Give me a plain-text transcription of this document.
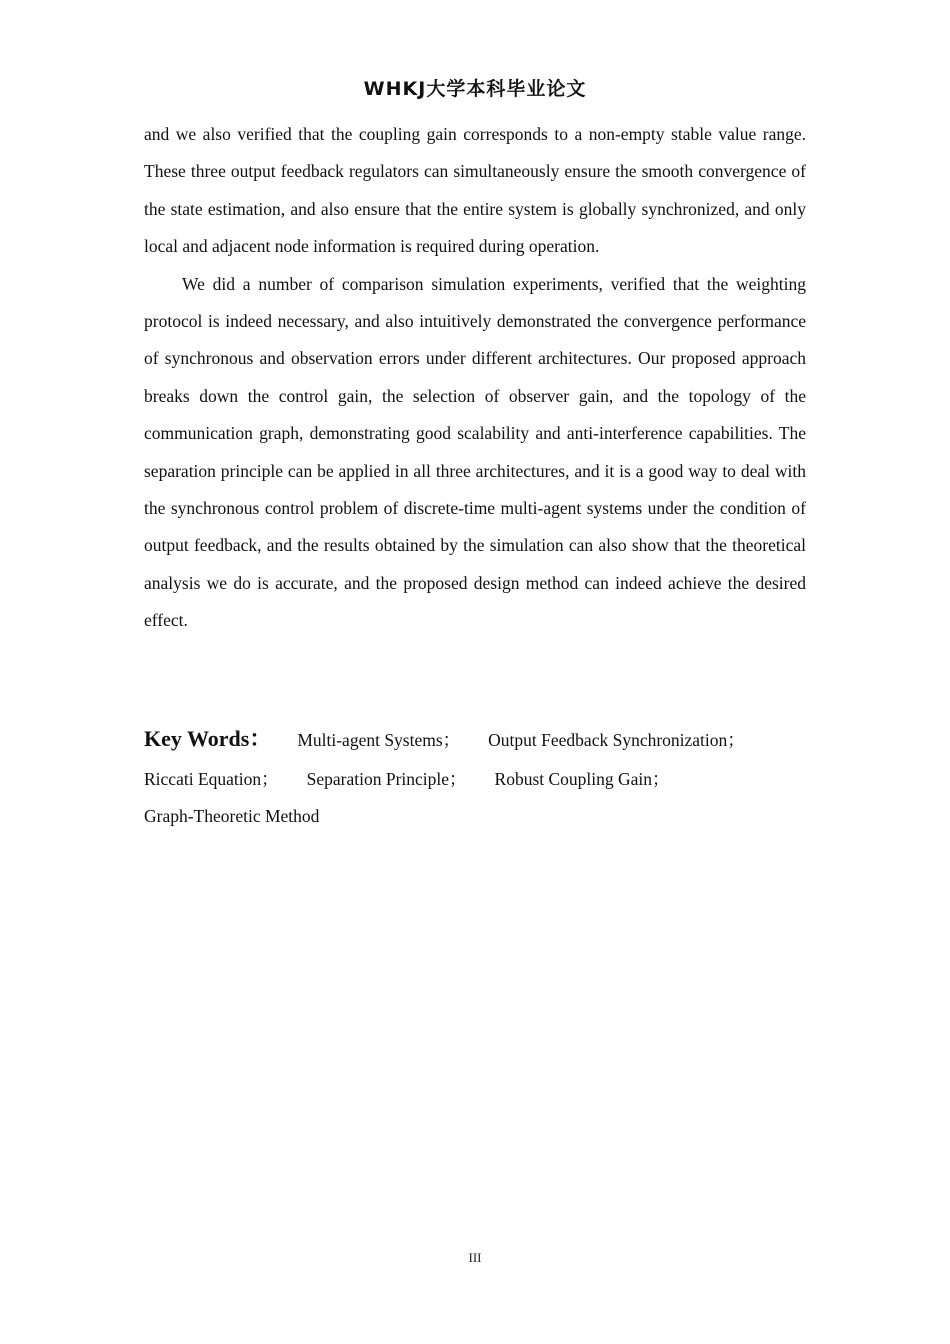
WHKJ大学本科毕业论文

and we also verified that the coupling gain corresponds to a non-empty stable value range. These three output feedback regulators can simultaneously ensure the smooth convergence of the state estimation, and also ensure that the entire system is globally synchronized, and only local and adjacent node information is required during operation.

We did a number of comparison simulation experiments, verified that the weighting protocol is indeed necessary, and also intuitively demonstrated the convergence performance of synchronous and observation errors under different architectures. Our proposed approach breaks down the control gain, the selection of observer gain, and the topology of the communication graph, demonstrating good scalability and anti-interference capabilities. The separation principle can be applied in all three architectures, and it is a good way to deal with the synchronous control problem of discrete-time multi-agent systems under the condition of output feedback, and the results obtained by the simulation can also show that the theoretical analysis we do is accurate, and the proposed design method can indeed achieve the desired effect.

Key Words： Multi-agent Systems； Output Feedback Synchronization；
Riccati Equation； Separation Principle； Robust Coupling Gain；
Graph-Theoretic Method
III
